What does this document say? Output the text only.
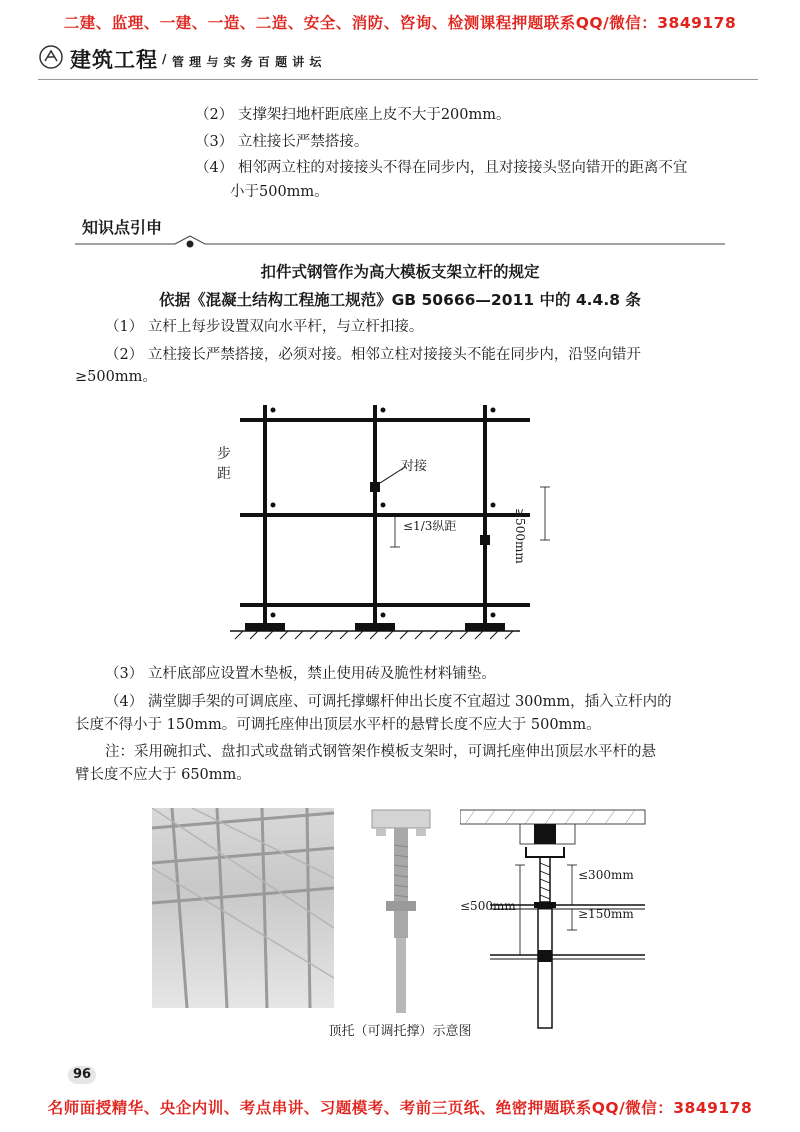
二建、监理、一建、一造、二造、安全、消防、咨询、检测课程押题联系QQ/微信：3849178
建筑工程 / 管 理 与 实 务 百 题 讲 坛
（2） 支撑架扫地杆距底座上皮不大于200mm。
（3） 立柱接长严禁搭接。
（4） 相邻两立柱的对接接头不得在同步内，且对接接头竖向错开的距离不宜
小于500mm。
知识点引申
扣件式钢管作为高大模板支架立杆的规定
依据《混凝土结构工程施工规范》GB 50666—2011 中的 4.4.8 条
（1） 立杆上每步设置双向水平杆，与立杆扣接。
（2） 立柱接长严禁搭接，必须对接。相邻立柱对接接头不能在同步内，沿竖向错开
≥500mm。
步
距	对接
≤1/3纵距	≥500mm
（3） 立杆底部应设置木垫板，禁止使用砖及脆性材料铺垫。
（4） 满堂脚手架的可调底座、可调托撑螺杆伸出长度不宜超过 300mm，插入立杆内的
长度不得小于 150mm。可调托座伸出顶层水平杆的悬臂长度不应大于 500mm。
注：采用碗扣式、盘扣式或盘销式钢管架作模板支架时，可调托座伸出顶层水平杆的悬
臂长度不应大于 650mm。
≤300mm
≥150mm
≤500mm
顶托（可调托撑）示意图
96
名师面授精华、央企内训、考点串讲、习题模考、考前三页纸、绝密押题联系QQ/微信：3849178
